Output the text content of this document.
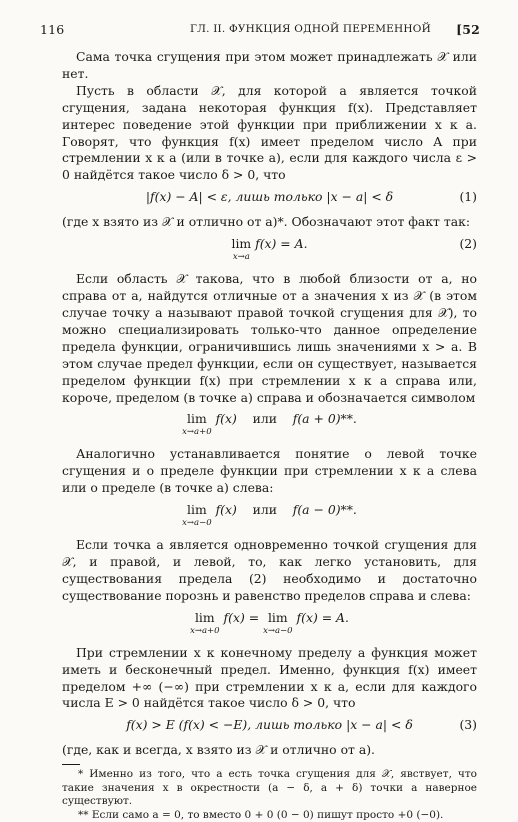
116	ГЛ. II. ФУНКЦИЯ ОДНОЙ ПЕРЕМЕННОЙ [52

Сама точка сгущения при этом может принадлежать 𝒳 или нет.

Пусть в области 𝒳, для которой a является точкой сгущения, задана некоторая функция f(x). Представляет интерес поведение этой функции при приближении x к a. Говорят, что функция f(x) имеет пределом число A при стремлении x к a (или в точке a), если для каждого числа ε > 0 найдётся такое число δ > 0, что

|f(x) − A| < ε, лишь только |x − a| < δ	(1)

(где x взято из 𝒳 и отлично от a)*. Обозначают этот факт так:

lim
x→a
f(x) = A.	(2)

Если область 𝒳 такова, что в любой близости от a, но справа от a, найдутся отличные от a значения x из 𝒳 (в этом случае точку a называют правой точкой сгущения для 𝒳), то можно специализировать только-что данное определение предела функции, ограничившись лишь значениями x > a. В этом случае предел функции, если он существует, называется пределом функции f(x) при стремлении x к a справа или, короче, пределом (в точке a) справа и обозначается символом

lim
x→a+0
f(x) или f(a + 0)**.

Аналогично устанавливается понятие о левой точке сгущения и о пределе функции при стремлении x к a слева или о пределе (в точке a) слева:

lim
x→a−0
f(x) или f(a − 0)**.

Если точка a является одновременно точкой сгущения для 𝒳, и правой, и левой, то, как легко установить, для существования предела (2) необходимо и достаточно существование порознь и равенство пределов справа и слева:

lim
x→a+0
f(x) = lim
x→a−0
f(x) = A.

При стремлении x к конечному пределу a функция может иметь и бесконечный предел. Именно, функция f(x) имеет пределом +∞ (−∞) при стремлении x к a, если для каждого числа E > 0 найдётся такое число δ > 0, что

f(x) > E (f(x) < −E), лишь только |x − a| < δ	(3)

(где, как и всегда, x взято из 𝒳 и отлично от a).

* Именно из того, что a есть точка сгущения для 𝒳, явствует, что такие значения x в окрестности (a − δ, a + δ) точки a наверное существуют.

** Если само a = 0, то вместо 0 + 0 (0 − 0) пишут просто +0 (−0).
